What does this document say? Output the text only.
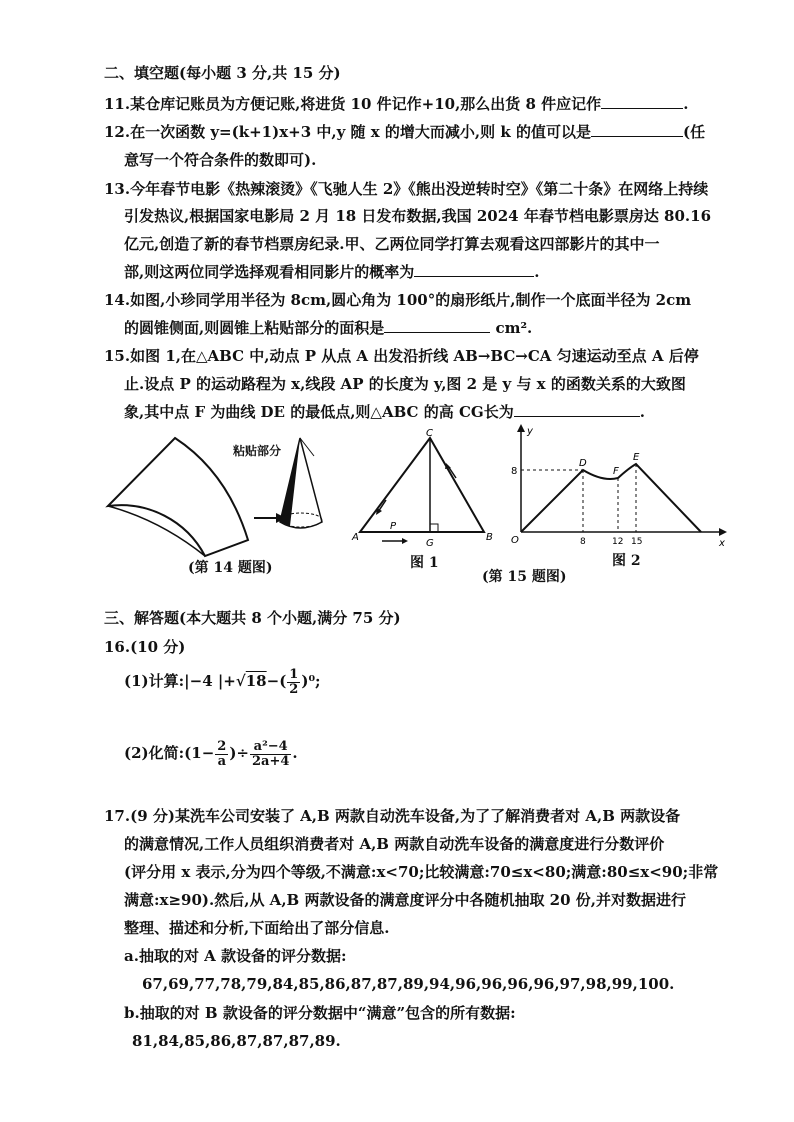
二、填空题(每小题 3 分,共 15 分)
11.某仓库记账员为方便记账,将进货 10 件记作+10,那么出货 8 件应记作	.
12.在一次函数 y=(k+1)x+3 中,y 随 x 的增大而减小,则 k 的值可以是	(任
意写一个符合条件的数即可).
13.今年春节电影《热辣滚烫》《飞驰人生 2》《熊出没逆转时空》《第二十条》在网络上持续
引发热议,根据国家电影局 2 月 18 日发布数据,我国 2024 年春节档电影票房达 80.16
亿元,创造了新的春节档票房纪录.甲、乙两位同学打算去观看这四部影片的其中一
部,则这两位同学选择观看相同影片的概率为	.
14.如图,小珍同学用半径为 8cm,圆心角为 100°的扇形纸片,制作一个底面半径为 2cm
的圆锥侧面,则圆锥上粘贴部分的面积是	cm².
15.如图 1,在△ABC 中,动点 P 从点 A 出发沿折线 AB→BC→CA 匀速运动至点 A 后停
止.设点 P 的运动路程为 x,线段 AP 的长度为 y,图 2 是 y 与 x 的函数关系的大致图
象,其中点 F 为曲线 DE 的最低点,则△ABC 的高 CG长为	.
粘贴部分
(第 14 题图)
A	B
C
G
P
图 1
y
x
O
8
8	12 15
D
F
E
图 2
(第 15 题图)
三、解答题(本大题共 8 个小题,满分 75 分)
16.(10 分)
(1)计算:|−4 $|+√18-( \frac{1}{2} )^0$;
(2)化简:(1− $\frac{2}{a}$ )÷ $\frac{\text{a²−4}}{2a+4}$ .
17.(9 分)某洗车公司安装了 A,B 两款自动洗车设备,为了了解消费者对 A,B 两款设备
的满意情况,工作人员组织消费者对 A,B 两款自动洗车设备的满意度进行分数评价
(评分用 x 表示,分为四个等级,不满意:x<70;比较满意:70≤x<80;满意:80≤x<90;非常
满意:x≥90).然后,从 A,B 两款设备的满意度评分中各随机抽取 20 份,并对数据进行
整理、描述和分析,下面给出了部分信息.
a.抽取的对 A 款设备的评分数据:
67,69,77,78,79,84,85,86,87,87,89,94,96,96,96,96,97,98,99,100.
b.抽取的对 B 款设备的评分数据中“满意”包含的所有数据:
81,84,85,86,87,87,87,89.
